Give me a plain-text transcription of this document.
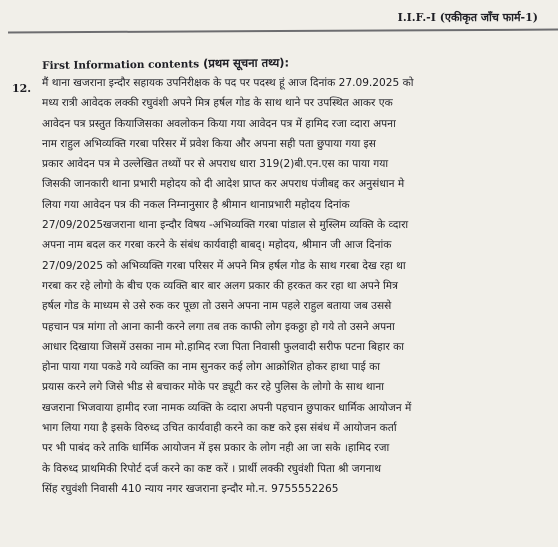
I.I.F.-I (एकीकृत जाँच फार्म-1)
12.
First Information contents (प्रथम सूचना तथ्य):
मैं थाना खजराना इन्दौर सहायक उपनिरीक्षक के पद पर पदस्थ हूं आज दिनांक 27.09.2025 को
मध्य रात्री आवेदक लक्की रघुवंशी अपने मित्र हर्षल गोड के साथ थाने पर उपस्थित आकर एक
आवेदन पत्र प्रस्तुत कियाजिसका अवलोकन किया गया आवेदन पत्र में हामिद रजा व्दारा अपना
नाम राहुल अभिव्यक्ति गरबा परिसर में प्रवेश किया और अपना सही पता छुपाया गया इस
प्रकार आवेदन पत्र मे उल्लेखित तथ्यों पर से अपराध धारा 319(2)बी.एन.एस का पाया गया
जिसकी जानकारी थाना प्रभारी महोदय को दी आदेश प्राप्त कर अपराध पंजीबद्द कर अनुसंधान मे
लिया गया आवेदन पत्र की नकल निम्नानुसार है श्रीमान थानाप्रभारी महोदय दिनांक
27/09/2025खजराना थाना इन्दौर विषय -अभिव्यक्ति गरबा पांडाल से मुस्लिम व्यक्ति के व्दारा
अपना नाम बदल कर गरबा करने के संबंध कार्यवाही बाबद्। महोदय, श्रीमान जी आज दिनांक
27/09/2025 को अभिव्यक्ति गरबा परिसर में अपने मित्र हर्षल गोड के साथ गरबा देख रहा था
गरबा कर रहे लोगो के बीच एक व्यक्ति बार बार अलग प्रकार की हरकत कर रहा था अपने मित्र
हर्षल गोड के माध्यम से उसे रुक कर पूछा तो उसने अपना नाम पहले राहुल बताया जब उससे
पहचान पत्र मांगा तो आना कानी करने लगा तब तक काफी लोग इकठ्ठा हो गये तो उसने अपना
आधार दिखाया जिसमें उसका नाम मो.हामिद रजा पिता निवासी फुलवादी सरीफ पटना बिहार का
होना पाया गया पकडे गये व्यक्ति का नाम सुनकर कई लोग आक्रोशित होकर हाथा पाई का
प्रयास करने लगे जिसे भीड से बचाकर मोके पर ड्यूटी कर रहे पुलिस के लोगो के साथ थाना
खजराना भिजवाया हामीद रजा नामक व्यक्ति के व्दारा अपनी पहचान छुपाकर धार्मिक आयोजन में
भाग लिया गया है इसके विरुध्द उचित कार्यवाही करने का कष्ट करे इस संबंध में आयोजन कर्ता
पर भी पाबंद करे ताकि धार्मिक आयोजन में इस प्रकार के लोग नही आ जा सके ।हामिद रजा
के विरुध्द प्राथमिकी रिपोर्ट दर्ज करने का कष्ट करें । प्रार्थी लक्की रघुवंशी पिता श्री जगनाथ
सिंह रघुवंशी निवासी 410 न्याय नगर खजराना इन्दौर मो.न. 9755552265
